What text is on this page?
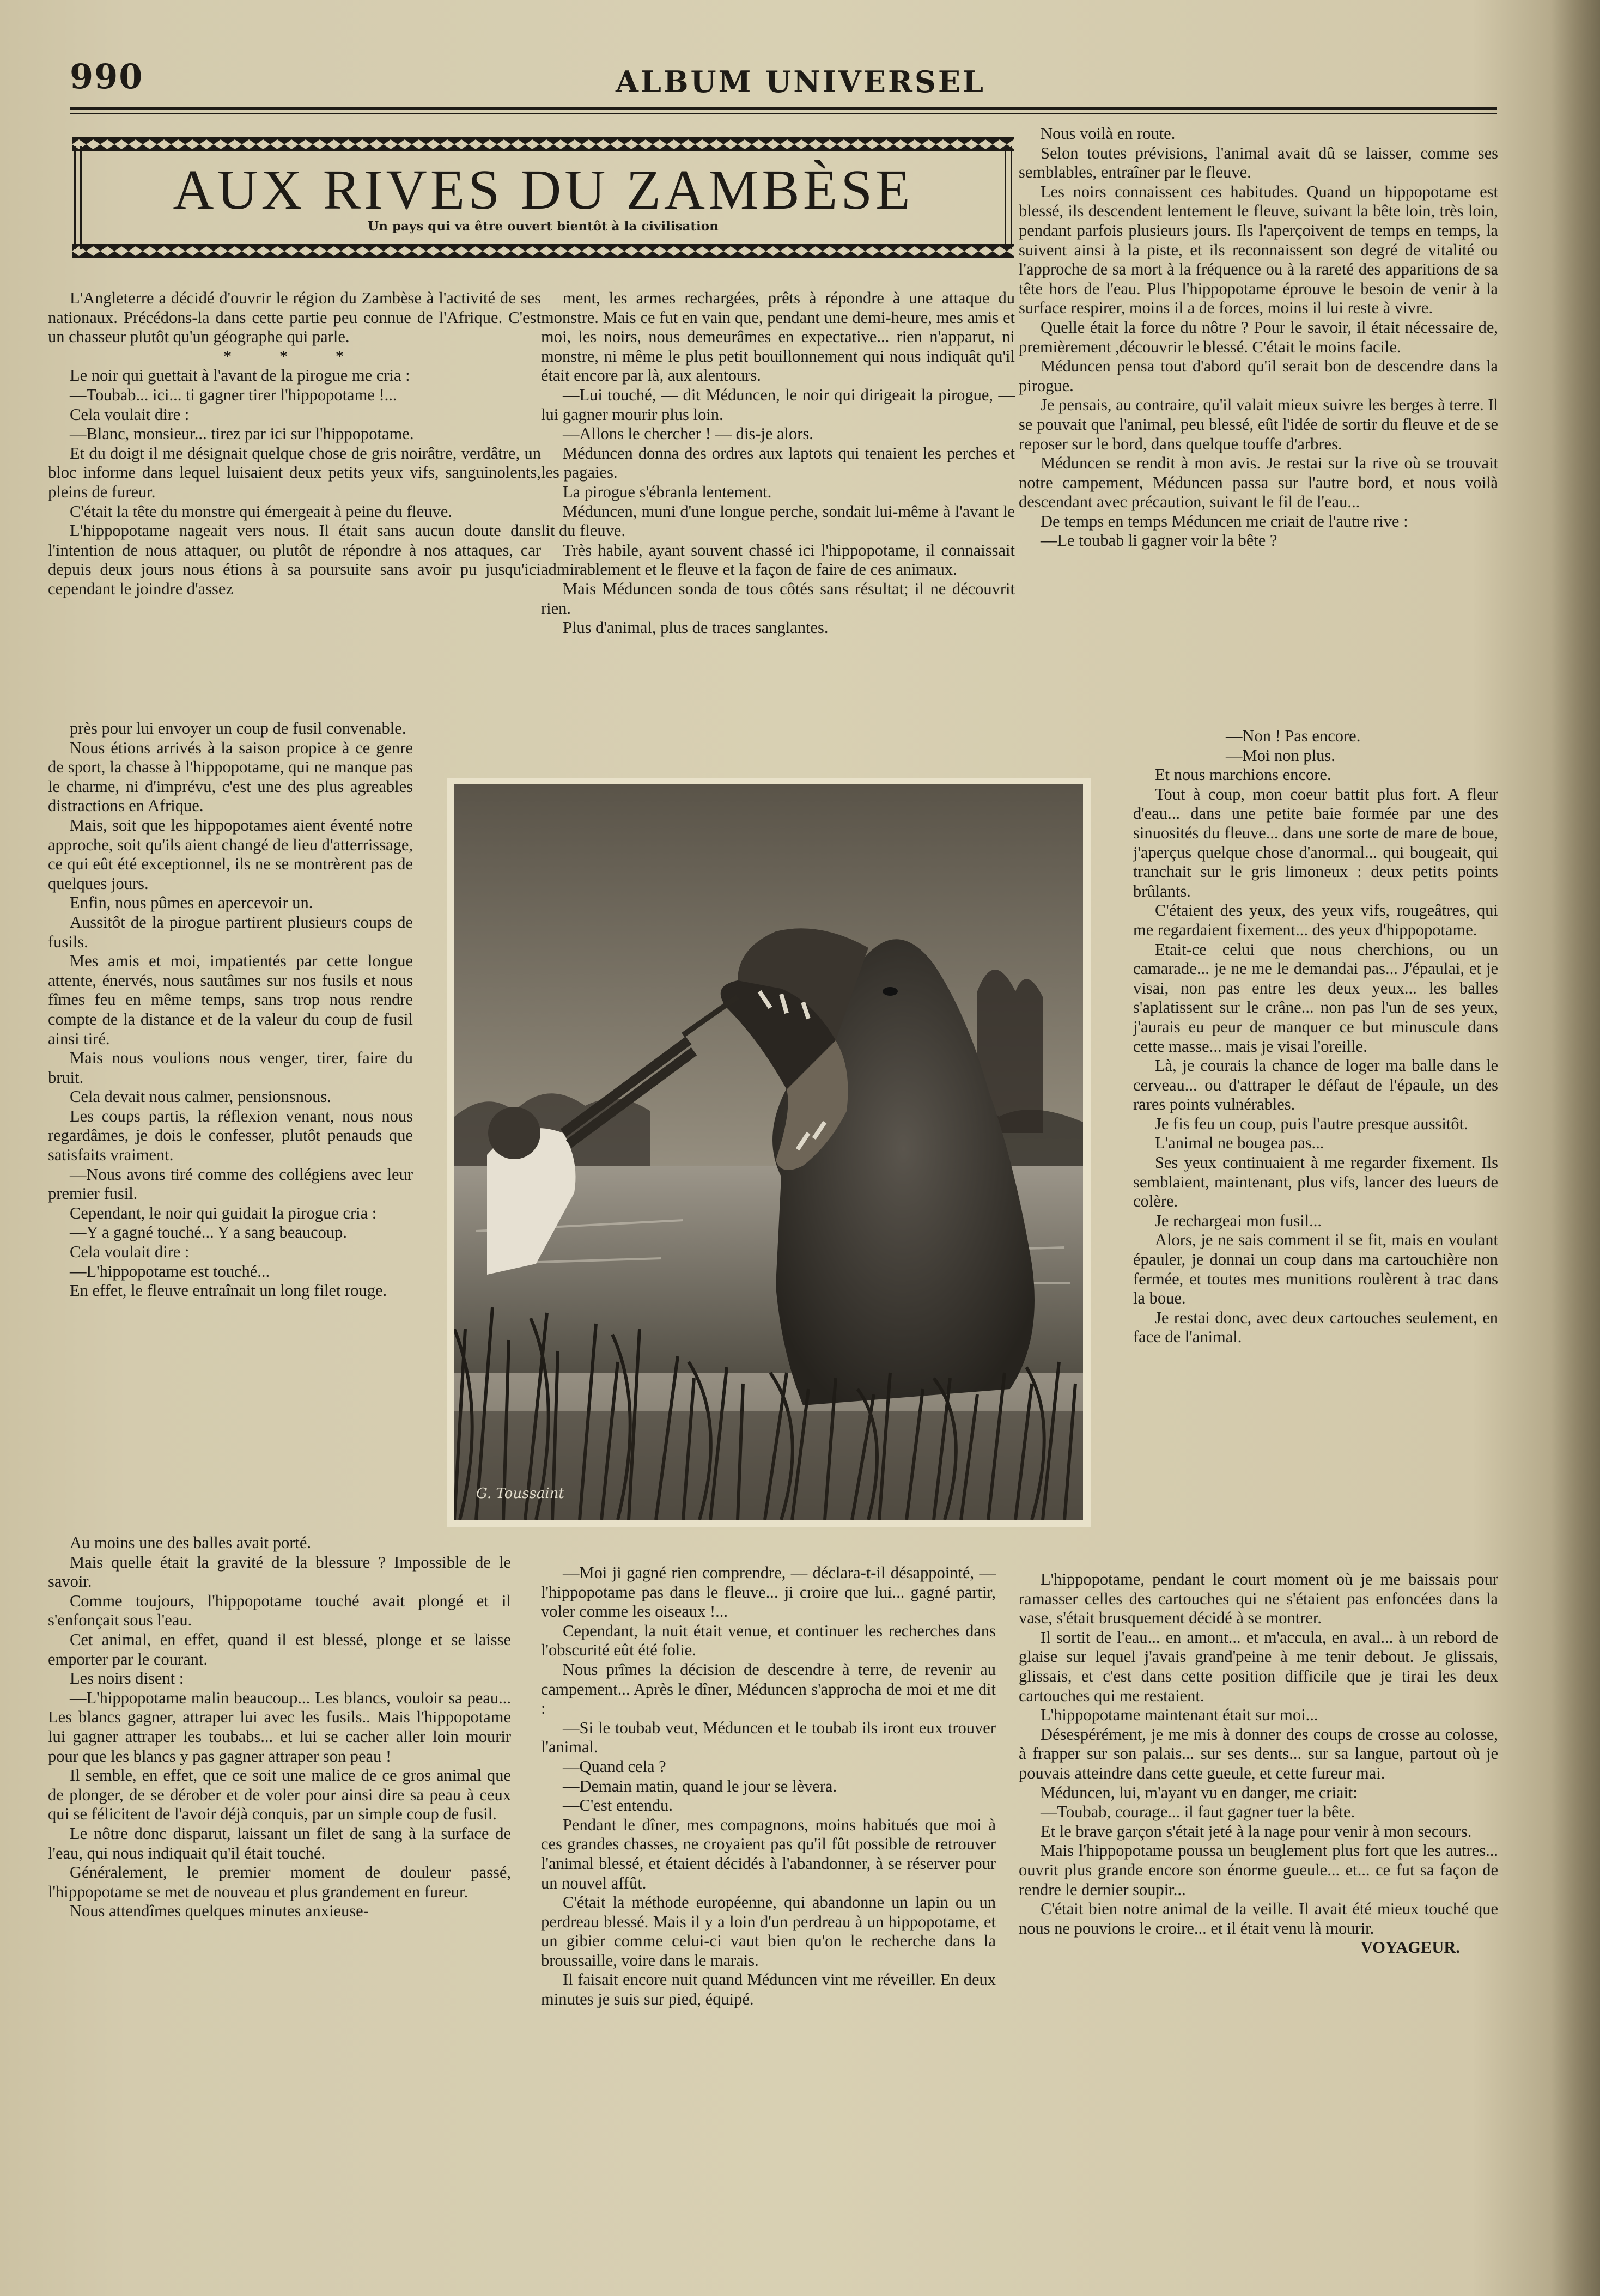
990	ALBUM UNIVERSEL
AUX RIVES DU ZAMBÈSE
Un pays qui va être ouvert bientôt à la civilisation

L'Angleterre a décidé d'ouvrir le région du Zambèse à l'activité de ses nationaux. Précédons-la dans cette partie peu connue de l'Afrique. C'est un chasseur plutôt qu'un géographe qui parle.

* * *

Le noir qui guettait à l'avant de la pirogue me cria :

—Toubab... ici... ti gagner tirer l'hippopotame !...

Cela voulait dire :

—Blanc, monsieur... tirez par ici sur l'hippopotame.

Et du doigt il me désignait quelque chose de gris noirâtre, verdâtre, un bloc informe dans lequel luisaient deux petits yeux vifs, sanguinolents, pleins de fureur.

C'était la tête du monstre qui émergeait à peine du fleuve.

L'hippopotame nageait vers nous. Il était sans aucun doute dans l'intention de nous attaquer, ou plutôt de répondre à nos attaques, car depuis deux jours nous étions à sa poursuite sans avoir pu jusqu'ici cependant le joindre d'assez

près pour lui envoyer un coup de fusil convenable.

Nous étions arrivés à la saison propice à ce genre de sport, la chasse à l'hippopotame, qui ne manque pas le charme, ni d'imprévu, c'est une des plus agreables distractions en Afrique.

Mais, soit que les hippopotames aient éventé notre approche, soit qu'ils aient changé de lieu d'atterrissage, ce qui eût été exceptionnel, ils ne se montrèrent pas de quelques jours.

Enfin, nous pûmes en apercevoir un.

Aussitôt de la pirogue partirent plusieurs coups de fusils.

Mes amis et moi, impatientés par cette longue attente, énervés, nous sautâmes sur nos fusils et nous fîmes feu en même temps, sans trop nous rendre compte de la distance et de la valeur du coup de fusil ainsi tiré.

Mais nous voulions nous venger, tirer, faire du bruit.

Cela devait nous calmer, pensionsnous.

Les coups partis, la réflexion venant, nous nous regardâmes, je dois le confesser, plutôt penauds que satisfaits vraiment.

—Nous avons tiré comme des collégiens avec leur premier fusil.

Cependant, le noir qui guidait la pirogue cria :

—Y a gagné touché... Y a sang beaucoup.

Cela voulait dire :

—L'hippopotame est touché...

En effet, le fleuve entraînait un long filet rouge.

Au moins une des balles avait porté.

Mais quelle était la gravité de la blessure ? Impossible de le savoir.

Comme toujours, l'hippopotame touché avait plongé et il s'enfonçait sous l'eau.

Cet animal, en effet, quand il est blessé, plonge et se laisse emporter par le courant.

Les noirs disent :

—L'hippopotame malin beaucoup... Les blancs, vouloir sa peau... Les blancs gagner, attraper lui avec les fusils.. Mais l'hippopotame lui gagner attraper les toubabs... et lui se cacher aller loin mourir pour que les blancs y pas gagner attraper son peau !

Il semble, en effet, que ce soit une malice de ce gros animal que de plonger, de se dérober et de voler pour ainsi dire sa peau à ceux qui se félicitent de l'avoir déjà conquis, par un simple coup de fusil.

Le nôtre donc disparut, laissant un filet de sang à la surface de l'eau, qui nous indiquait qu'il était touché.

Généralement, le premier moment de douleur passé, l'hippopotame se met de nouveau et plus grandement en fureur.

Nous attendîmes quelques minutes anxieuse-

ment, les armes rechargées, prêts à répondre à une attaque du monstre. Mais ce fut en vain que, pendant une demi-heure, mes amis et moi, les noirs, nous demeurâmes en expectative... rien n'apparut, ni monstre, ni même le plus petit bouillonnement qui nous indiquât qu'il était encore par là, aux alentours.

—Lui touché, — dit Méduncen, le noir qui dirigeait la pirogue, — lui gagner mourir plus loin.

—Allons le chercher ! — dis-je alors.

Méduncen donna des ordres aux laptots qui tenaient les perches et les pagaies.

La pirogue s'ébranla lentement.

Méduncen, muni d'une longue perche, sondait lui-même à l'avant le lit du fleuve.

Très habile, ayant souvent chassé ici l'hippopotame, il connaissait admirablement et le fleuve et la façon de faire de ces animaux.

Mais Méduncen sonda de tous côtés sans résultat; il ne découvrit rien.

Plus d'animal, plus de traces sanglantes.

—Moi ji gagné rien comprendre, — déclara-t-il désappointé, — l'hippopotame pas dans le fleuve... ji croire que lui... gagné partir, voler comme les oiseaux !...

Cependant, la nuit était venue, et continuer les recherches dans l'obscurité eût été folie.

Nous prîmes la décision de descendre à terre, de revenir au campement... Après le dîner, Méduncen s'approcha de moi et me dit :

—Si le toubab veut, Méduncen et le toubab ils iront eux trouver l'animal.

—Quand cela ?

—Demain matin, quand le jour se lèvera.

—C'est entendu.

Pendant le dîner, mes compagnons, moins habitués que moi à ces grandes chasses, ne croyaient pas qu'il fût possible de retrouver l'animal blessé, et étaient décidés à l'abandonner, à se réserver pour un nouvel affût.

C'était la méthode européenne, qui abandonne un lapin ou un perdreau blessé. Mais il y a loin d'un perdreau à un hippopotame, et un gibier comme celui-ci vaut bien qu'on le recherche dans la broussaille, voire dans le marais.

Il faisait encore nuit quand Méduncen vint me réveiller. En deux minutes je suis sur pied, équipé.

Nous voilà en route.

Selon toutes prévisions, l'animal avait dû se laisser, comme ses semblables, entraîner par le fleuve.

Les noirs connaissent ces habitudes. Quand un hippopotame est blessé, ils descendent lentement le fleuve, suivant la bête loin, très loin, pendant parfois plusieurs jours. Ils l'aperçoivent de temps en temps, la suivent ainsi à la piste, et ils reconnaissent son degré de vitalité ou l'approche de sa mort à la fréquence ou à la rareté des apparitions de sa tête hors de l'eau. Plus l'hippopotame éprouve le besoin de venir à la surface respirer, moins il a de forces, moins il lui reste à vivre.

Quelle était la force du nôtre ? Pour le savoir, il était nécessaire de, premièrement ,découvrir le blessé. C'était le moins facile.

Méduncen pensa tout d'abord qu'il serait bon de descendre dans la pirogue.

Je pensais, au contraire, qu'il valait mieux suivre les berges à terre. Il se pouvait que l'animal, peu blessé, eût l'idée de sortir du fleuve et de se reposer sur le bord, dans quelque touffe d'arbres.

Méduncen se rendit à mon avis. Je restai sur la rive où se trouvait notre campement, Méduncen passa sur l'autre bord, et nous voilà descendant avec précaution, suivant le fil de l'eau...

De temps en temps Méduncen me criait de l'autre rive :

—Le toubab li gagner voir la bête ?

—Non ! Pas encore.

—Moi non plus.

Et nous marchions encore.

Tout à coup, mon coeur battit plus fort. A fleur d'eau... dans une petite baie formée par une des sinuosités du fleuve... dans une sorte de mare de boue, j'aperçus quelque chose d'anormal... qui bougeait, qui tranchait sur le gris limoneux : deux petits points brûlants.

C'étaient des yeux, des yeux vifs, rougeâtres, qui me regardaient fixement... des yeux d'hippopotame.

Etait-ce celui que nous cherchions, ou un camarade... je ne me le demandai pas... J'épaulai, et je visai, non pas entre les deux yeux... les balles s'aplatissent sur le crâne... non pas l'un de ses yeux, j'aurais eu peur de manquer ce but minuscule dans cette masse... mais je visai l'oreille.

Là, je courais la chance de loger ma balle dans le cerveau... ou d'attraper le défaut de l'épaule, un des rares points vulnérables.

Je fis feu un coup, puis l'autre presque aussitôt.

L'animal ne bougea pas...

Ses yeux continuaient à me regarder fixement. Ils semblaient, maintenant, plus vifs, lancer des lueurs de colère.

Je rechargeai mon fusil...

Alors, je ne sais comment il se fit, mais en voulant épauler, je donnai un coup dans ma cartouchière non fermée, et toutes mes munitions roulèrent à trac dans la boue.

Je restai donc, avec deux cartouches seulement, en face de l'animal.

L'hippopotame, pendant le court moment où je me baissais pour ramasser celles des cartouches qui ne s'étaient pas enfoncées dans la vase, s'était brusquement décidé à se montrer.

Il sortit de l'eau... en amont... et m'accula, en aval... à un rebord de glaise sur lequel j'avais grand'peine à me tenir debout. Je glissais, glissais, et c'est dans cette position difficile que je tirai les deux cartouches qui me restaient.

L'hippopotame maintenant était sur moi...

Désespérément, je me mis à donner des coups de crosse au colosse, à frapper sur son palais... sur ses dents... sur sa langue, partout où je pouvais atteindre dans cette gueule, et cette fureur mai.

Méduncen, lui, m'ayant vu en danger, me criait:

—Toubab, courage... il faut gagner tuer la bête.

Et le brave garçon s'était jeté à la nage pour venir à mon secours.

Mais l'hippopotame poussa un beuglement plus fort que les autres... ouvrit plus grande encore son énorme gueule... et... ce fut sa façon de rendre le dernier soupir...

C'était bien notre animal de la veille. Il avait été mieux touché que nous ne pouvions le croire... et il était venu là mourir.

VOYAGEUR.

G. Toussaint
